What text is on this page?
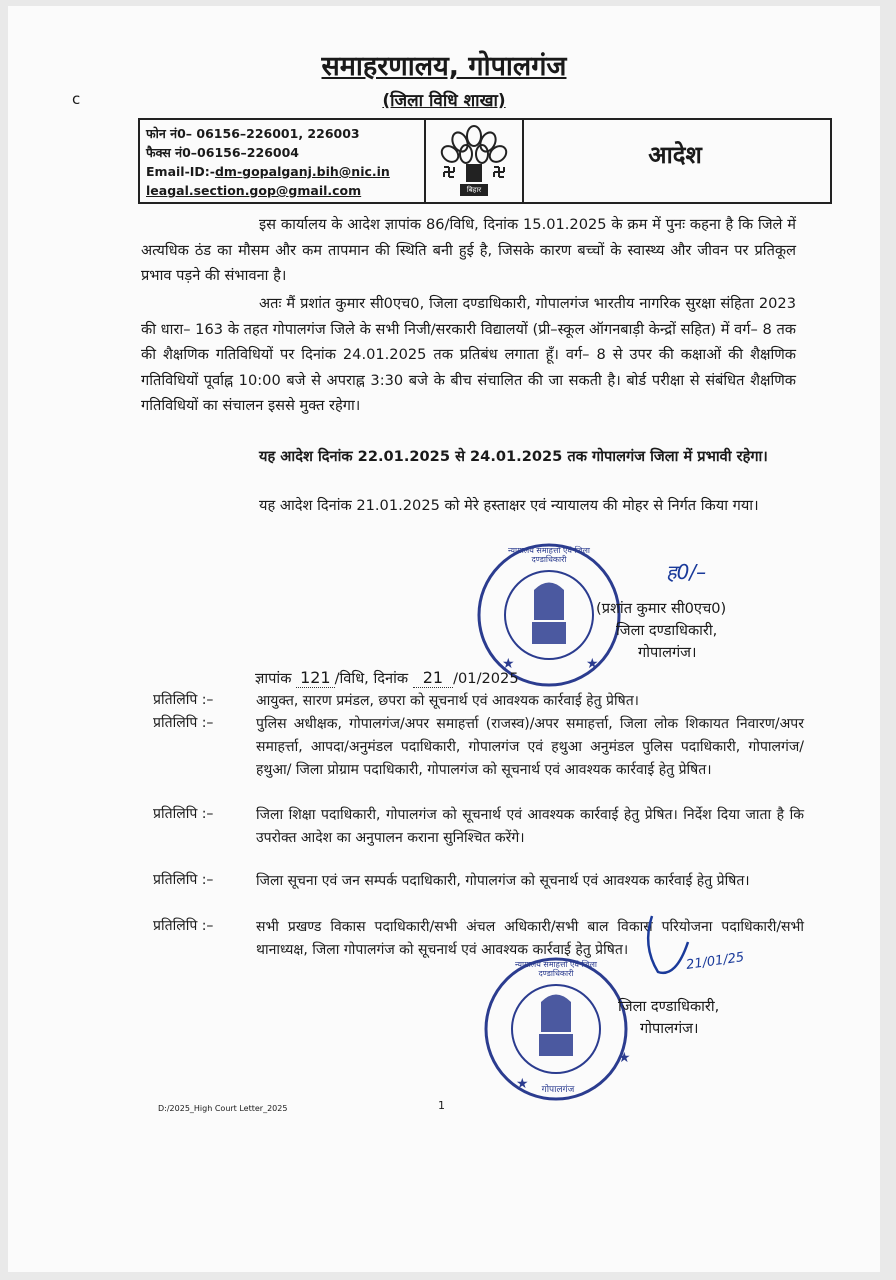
समाहरणालय, गोपालगंज
(जिला विधि शाखा)
c
फोन नं0– 06156–226001, 226003
फैक्स नं0–06156–226004
Email-ID:-dm-gopalganj.bih@nic.in
leagal.section.gop@gmail.com	बिहार
आदेश
इस कार्यालय के आदेश ज्ञापांक 86/विधि, दिनांक 15.01.2025 के क्रम में पुनः कहना है कि जिले में अत्यधिक ठंड का मौसम और कम तापमान की स्थिति बनी हुई है, जिसके कारण बच्चों के स्वास्थ्य और जीवन पर प्रतिकूल प्रभाव पड़ने की संभावना है।
अतः मैं प्रशांत कुमार सी0एच0, जिला दण्डाधिकारी, गोपालगंज भारतीय नागरिक सुरक्षा संहिता 2023 की धारा– 163 के तहत गोपालगंज जिले के सभी निजी/सरकारी विद्यालयों (प्री–स्कूल ऑगनबाड़ी केन्द्रों सहित) में वर्ग– 8 तक की शैक्षणिक गतिविधियों पर दिनांक 24.01.2025 तक प्रतिबंध लगाता हूँ। वर्ग– 8 से उपर की कक्षाओं की शैक्षणिक गतिविधियों पूर्वाह्न 10:00 बजे से अपराह्न 3:30 बजे के बीच संचालित की जा सकती है। बोर्ड परीक्षा से संबंधित शैक्षणिक गतिविधियों का संचालन इससे मुक्त रहेगा।
यह आदेश दिनांक 22.01.2025 से 24.01.2025 तक गोपालगंज जिला में प्रभावी रहेगा।
यह आदेश दिनांक 21.01.2025 को मेरे हस्ताक्षर एवं न्यायालय की मोहर से निर्गत किया गया।
★	★
न्यायालय समाहर्त्ता एवं जिला दण्डाधिकारी
ह0/–
(प्रशांत कुमार सी0एच0)
जिला दण्डाधिकारी,
गोपालगंज।
ज्ञापांक 121 /विधि, दिनांक 21 /01/2025
प्रतिलिपि :–	आयुक्त, सारण प्रमंडल, छपरा को सूचनार्थ एवं आवश्यक कार्रवाई हेतु प्रेषित।
प्रतिलिपि :–	पुलिस अधीक्षक, गोपालगंज/अपर समाहर्त्ता (राजस्व)/अपर समाहर्त्ता, जिला लोक शिकायत निवारण/अपर समाहर्त्ता, आपदा/अनुमंडल पदाधिकारी, गोपालगंज एवं हथुआ अनुमंडल पुलिस पदाधिकारी, गोपालगंज/हथुआ/ जिला प्रोग्राम पदाधिकारी, गोपालगंज को सूचनार्थ एवं आवश्यक कार्रवाई हेतु प्रेषित।
प्रतिलिपि :–	जिला शिक्षा पदाधिकारी, गोपालगंज को सूचनार्थ एवं आवश्यक कार्रवाई हेतु प्रेषित। निर्देश दिया जाता है कि उपरोक्त आदेश का अनुपालन कराना सुनिश्चित करेंगे।
प्रतिलिपि :–	जिला सूचना एवं जन सम्पर्क पदाधिकारी, गोपालगंज को सूचनार्थ एवं आवश्यक कार्रवाई हेतु प्रेषित।
प्रतिलिपि :–	सभी प्रखण्ड विकास पदाधिकारी/सभी अंचल अधिकारी/सभी बाल विकास परियोजना पदाधिकारी/सभी थानाध्यक्ष, जिला गोपालगंज को सूचनार्थ एवं आवश्यक कार्रवाई हेतु प्रेषित।
21/01/25
★
★
न्यायालय समाहर्त्ता एवं जिला दण्डाधिकारी
गोपालगंज
जिला दण्डाधिकारी,
गोपालगंज।
D:/2025_High Court Letter_2025	1
